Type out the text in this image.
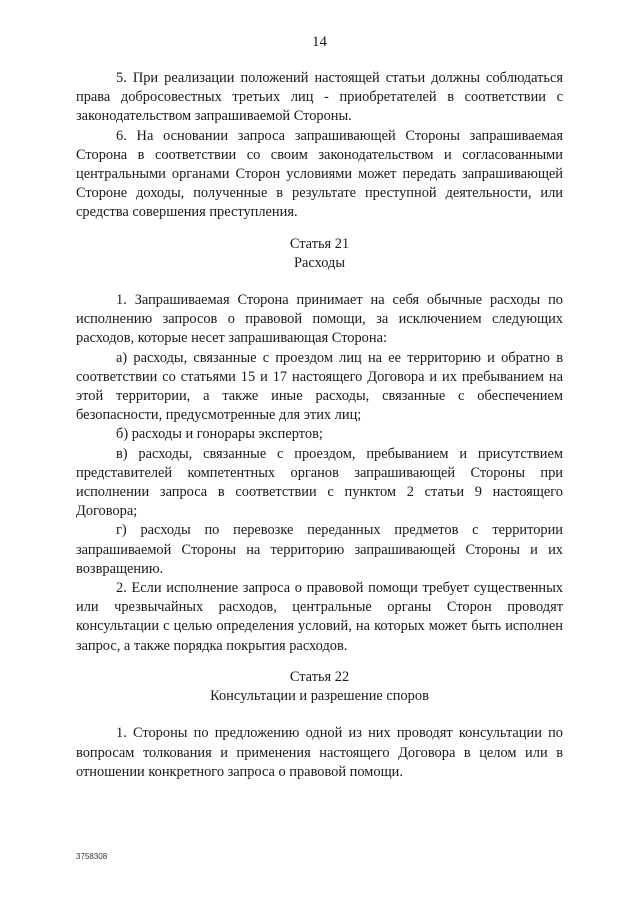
14

5. При реализации положений настоящей статьи должны соблюдаться права добросовестных третьих лиц - приобретателей в соответствии с законодательством запрашиваемой Стороны.

6. На основании запроса запрашивающей Стороны запрашиваемая Сторона в соответствии со своим законодательством и согласованными центральными органами Сторон условиями может передать запрашивающей Стороне доходы, полученные в результате преступной деятельности, или средства совершения преступления.

Статья 21

Расходы

1. Запрашиваемая Сторона принимает на себя обычные расходы по исполнению запросов о правовой помощи, за исключением следующих расходов, которые несет запрашивающая Сторона:

а) расходы, связанные с проездом лиц на ее территорию и обратно в соответствии со статьями 15 и 17 настоящего Договора и их пребыванием на этой территории, а также иные расходы, связанные с обеспечением безопасности, предусмотренные для этих лиц;

б) расходы и гонорары экспертов;

в) расходы, связанные с проездом, пребыванием и присутствием представителей компетентных органов запрашивающей Стороны при исполнении запроса в соответствии с пунктом 2 статьи 9 настоящего Договора;

г) расходы по перевозке переданных предметов с территории запрашиваемой Стороны на территорию запрашивающей Стороны и их возвращению.

2. Если исполнение запроса о правовой помощи требует существенных или чрезвычайных расходов, центральные органы Сторон проводят консультации с целью определения условий, на которых может быть исполнен запрос, а также порядка покрытия расходов.

Статья 22

Консультации и разрешение споров

1. Стороны по предложению одной из них проводят консультации по вопросам толкования и применения настоящего Договора в целом или в отношении конкретного запроса о правовой помощи.

3758308
